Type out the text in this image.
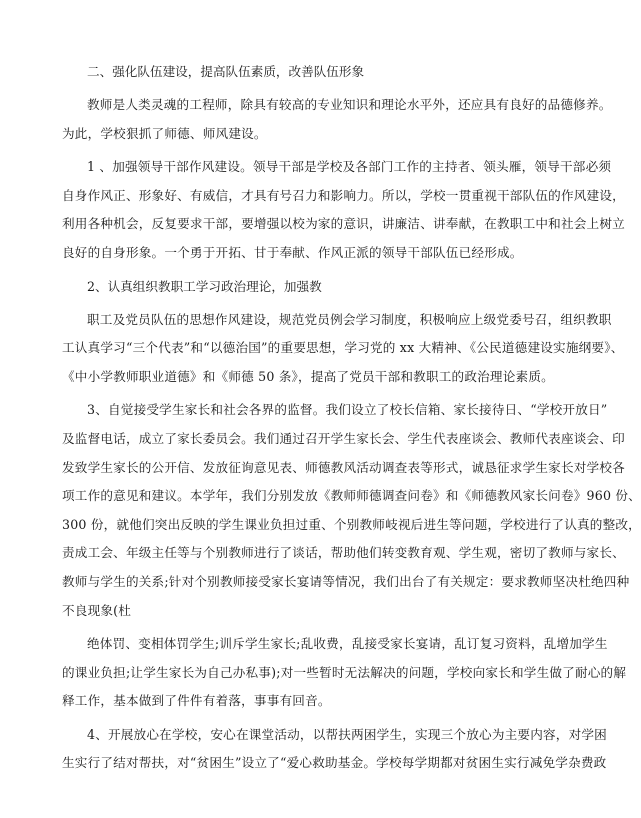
二、强化队伍建设，提高队伍素质，改善队伍形象
教师是人类灵魂的工程师，除具有较高的专业知识和理论水平外，还应具有良好的品德修养。
为此，学校狠抓了师德、师风建设。
1 、加强领导干部作风建设。领导干部是学校及各部门工作的主持者、领头雁，领导干部必须
自身作风正、形象好、有威信，才具有号召力和影响力。所以，学校一贯重视干部队伍的作风建设，
利用各种机会，反复要求干部，要增强以校为家的意识，讲廉洁、讲奉献，在教职工中和社会上树立
良好的自身形象。一个勇于开拓、甘于奉献、作风正派的领导干部队伍已经形成。
2、认真组织教职工学习政治理论，加强教
职工及党员队伍的思想作风建设，规范党员例会学习制度，积极响应上级党委号召，组织教职
工认真学习“三个代表”和“以德治国”的重要思想，学习党的 xx 大精神、《公民道德建设实施纲要》、
《中小学教师职业道德》和《师德 50 条》，提高了党员干部和教职工的政治理论素质。
3、自觉接受学生家长和社会各界的监督。我们设立了校长信箱、家长接待日、“学校开放日”
及监督电话，成立了家长委员会。我们通过召开学生家长会、学生代表座谈会、教师代表座谈会、印
发致学生家长的公开信、发放征询意见表、师德教风活动调查表等形式，诚恳征求学生家长对学校各
项工作的意见和建议。本学年，我们分别发放《教师师德调查问卷》和《师德教风家长问卷》960 份、
300 份，就他们突出反映的学生课业负担过重、个别教师岐视后进生等问题，学校进行了认真的整改，
责成工会、年级主任等与个别教师进行了谈话，帮助他们转变教育观、学生观，密切了教师与家长、
教师与学生的关系;针对个别教师接受家长宴请等情况，我们出台了有关规定：要求教师坚决杜绝四种
不良现象(杜
绝体罚、变相体罚学生;训斥学生家长;乱收费，乱接受家长宴请，乱订复习资料，乱增加学生
的课业负担;让学生家长为自己办私事);对一些暂时无法解决的问题，学校向家长和学生做了耐心的解
释工作，基本做到了件件有着落，事事有回音。
4、开展放心在学校，安心在课堂活动，以帮扶两困学生，实现三个放心为主要内容，对学困
生实行了结对帮扶，对“贫困生”设立了“爱心救助基金。学校每学期都对贫困生实行减免学杂费政
